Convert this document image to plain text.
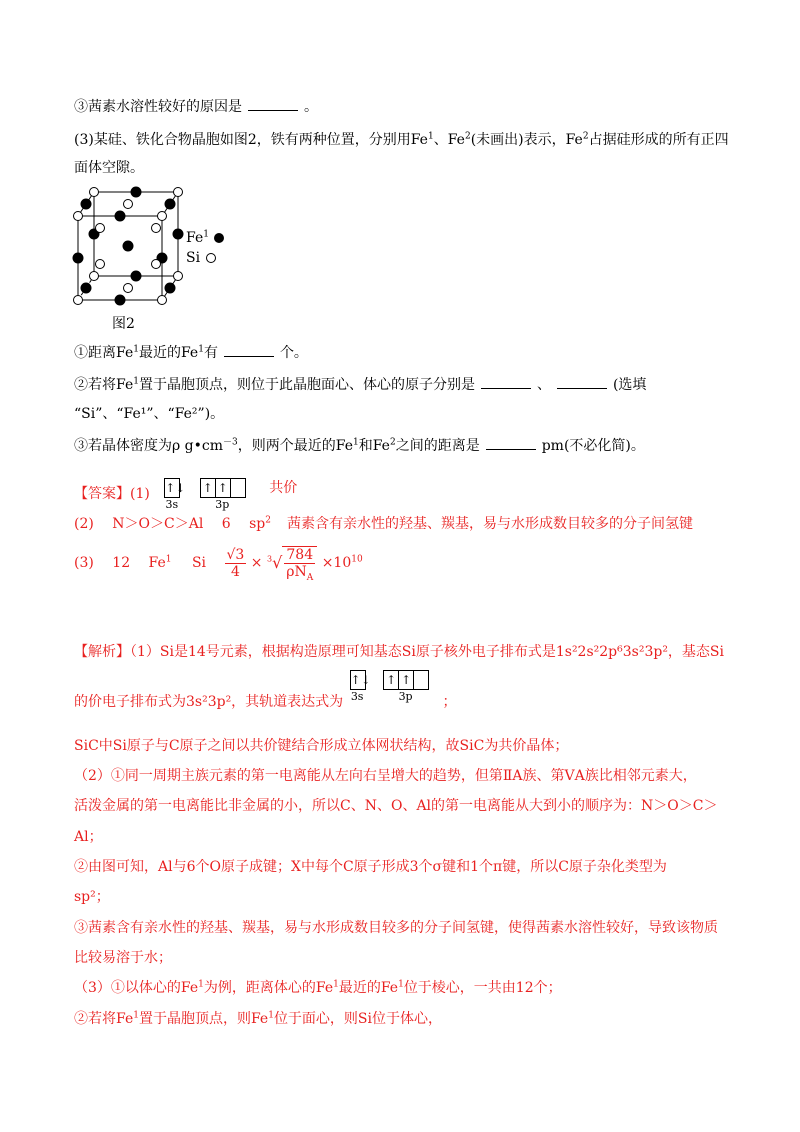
③茜素水溶性较好的原因是	。
(3)某硅、铁化合物晶胞如图2，铁有两种位置，分别用Fe$^1$、Fe$^2$(未画出)表示，Fe$^2$占据硅形成的所有正四
面体空隙。
Fe$^1$
Si
图2
①距离Fe$^1$最近的Fe$^1$有	个。
②若将Fe$^1$置于晶胞顶点，则位于此晶胞面心、体心的原子分别是	、	(选填
“Si”、“Fe¹”、“Fe²”)。
③若晶体密度为ρ $g•cm^{-3}$，则两个最近的Fe$^1$和Fe$^2$之间的距离是	pm(不必化简)。
【答案】(1) ↑↓
3s
↑ ↑
3p
共价
(2)　 N＞O＞C＞Al　 6　 $sp^2$ 茜素含有亲水性的羟基、羰基，易与水形成数目较多的分子间氢键
(3)　 12　 Fe$^1$ Si $\frac{√3}{4} \times ^3√ \frac{784}{\rho N_A} \times 10^{10}$
【解析】（1）Si是14号元素，根据构造原理可知基态Si原子核外电子排布式是1s²2s²2p⁶3s²3p²，基态Si
的价电子排布式为3s²3p²，其轨道表达式为 ↑↓
3s
↑ ↑
3p	；
SiC中Si原子与C原子之间以共价键结合形成立体网状结构，故SiC为共价晶体；
（2）①同一周期主族元素的第一电离能从左向右呈增大的趋势，但第ⅡA族、第ⅤA族比相邻元素大，
活泼金属的第一电离能比非金属的小，所以C、N、O、Al的第一电离能从大到小的顺序为：N＞O＞C＞
Al；
②由图可知，Al与6个O原子成键；X中每个C原子形成3个σ键和1个π键，所以C原子杂化类型为
sp²；
③茜素含有亲水性的羟基、羰基，易与水形成数目较多的分子间氢键，使得茜素水溶性较好，导致该物质
比较易溶于水；
（3）①以体心的Fe$^1$为例，距离体心的Fe$^1$最近的Fe$^1$位于棱心，一共由12个；
②若将Fe$^1$置于晶胞顶点，则Fe$^1$位于面心，则Si位于体心，
